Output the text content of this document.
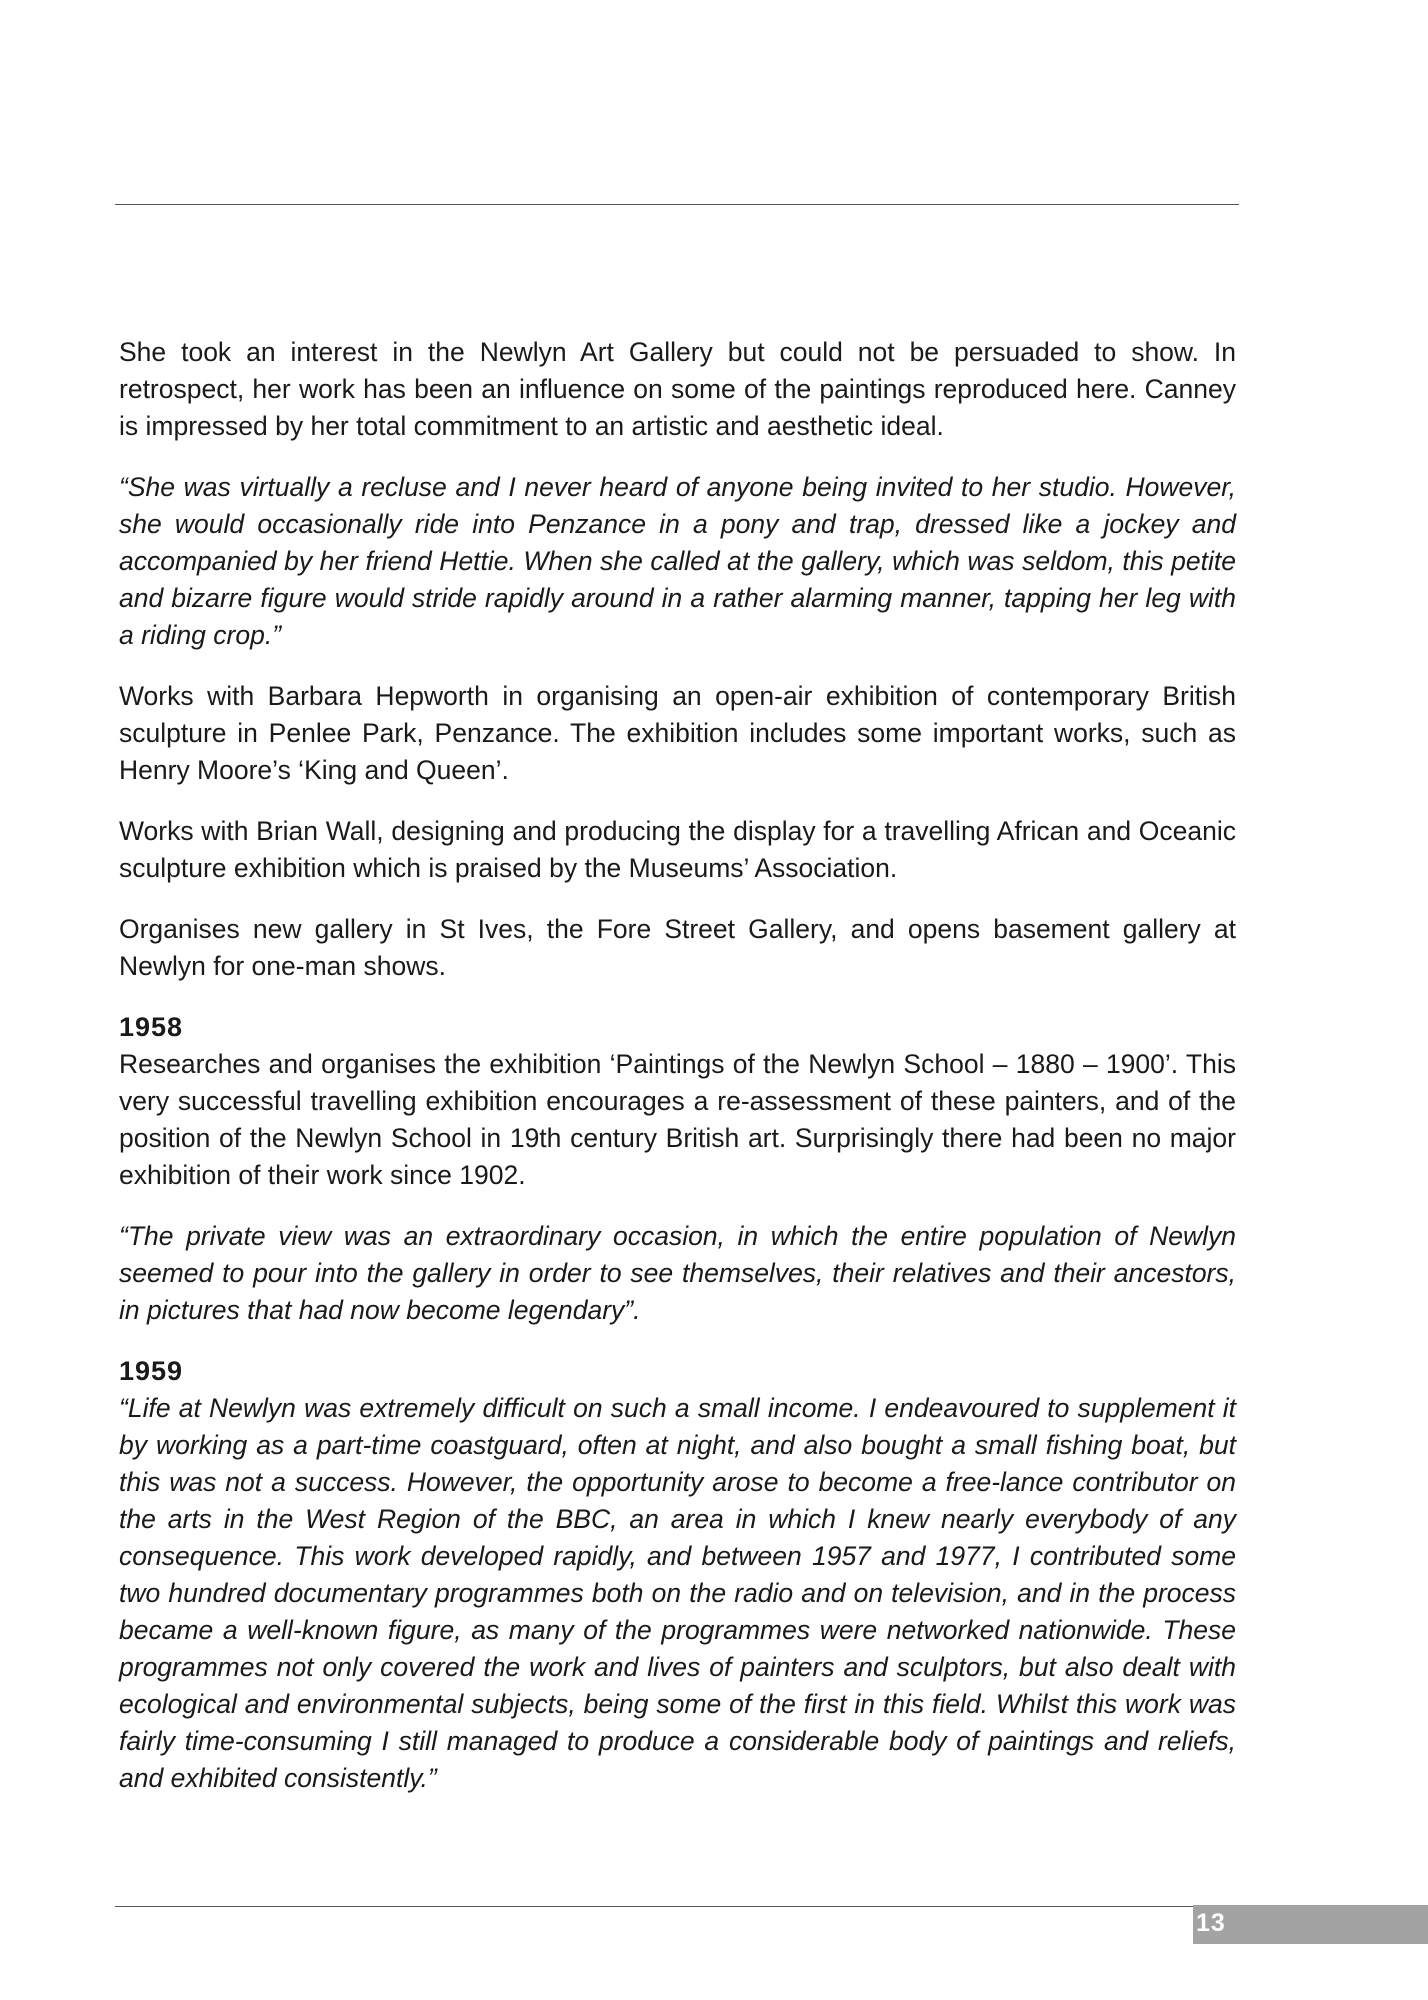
She took an interest in the Newlyn Art Gallery but could not be persuaded to show. In retrospect, her work has been an influence on some of the paintings reproduced here. Canney is impressed by her total commitment to an artistic and aesthetic ideal.

“She was virtually a recluse and I never heard of anyone being invited to her studio. However, she would occasionally ride into Penzance in a pony and trap, dressed like a jockey and accompanied by her friend Hettie. When she called at the gallery, which was seldom, this petite and bizarre figure would stride rapidly around in a rather alarming manner, tapping her leg with a riding crop.”

Works with Barbara Hepworth in organising an open-air exhibition of contemporary British sculpture in Penlee Park, Penzance. The exhibition includes some important works, such as Henry Moore’s ‘King and Queen’.

Works with Brian Wall, designing and producing the display for a travelling African and Oceanic sculpture exhibition which is praised by the Museums’ Association.

Organises new gallery in St Ives, the Fore Street Gallery, and opens basement gallery at Newlyn for one-man shows.

1958

Researches and organises the exhibition ‘Paintings of the Newlyn School – 1880 – 1900’. This very successful travelling exhibition encourages a re-assessment of these painters, and of the position of the Newlyn School in 19th century British art. Surprisingly there had been no major exhibition of their work since 1902.

“The private view was an extraordinary occasion, in which the entire population of Newlyn seemed to pour into the gallery in order to see themselves, their relatives and their ancestors, in pictures that had now become legendary”.

1959

“Life at Newlyn was extremely difficult on such a small income. I endeavoured to supplement it by working as a part-time coastguard, often at night, and also bought a small fishing boat, but this was not a success. However, the opportunity arose to become a free-lance contributor on the arts in the West Region of the BBC, an area in which I knew nearly everybody of any consequence. This work developed rapidly, and between 1957 and 1977, I contributed some two hundred documentary programmes both on the radio and on television, and in the process became a well-known figure, as many of the programmes were networked nationwide. These programmes not only covered the work and lives of painters and sculptors, but also dealt with ecological and environmental subjects, being some of the first in this field. Whilst this work was fairly time-consuming I still managed to produce a considerable body of paintings and reliefs, and exhibited consistently.”

13
